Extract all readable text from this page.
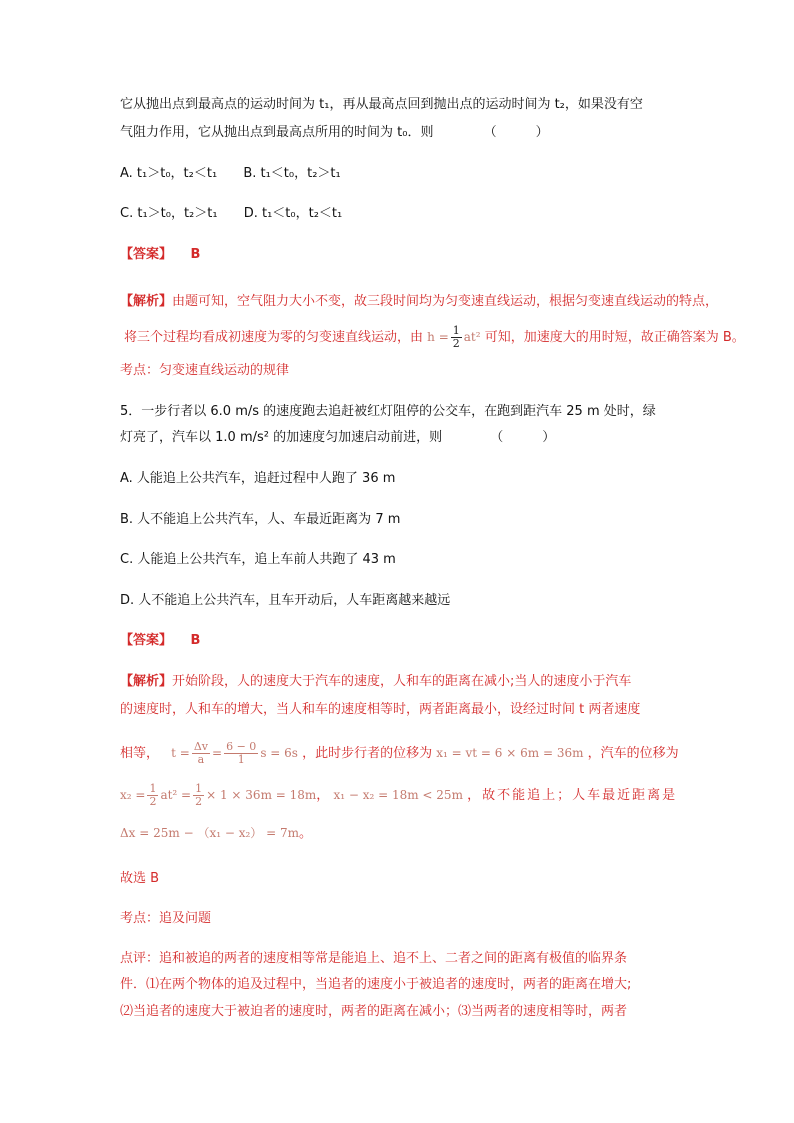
它从抛出点到最高点的运动时间为 t₁，再从最高点回到抛出点的运动时间为 t₂，如果没有空
气阻力作用，它从抛出点到最高点所用的时间为 t₀．则	（　　　）
A. t₁＞t₀，t₂＜t₁ B. t₁＜t₀，t₂＞t₁
C. t₁＞t₀，t₂＞t₁ D. t₁＜t₀，t₂＜t₁
【答案】 B
【解析】由题可知，空气阻力大小不变，故三段时间均为匀变速直线运动，根据匀变速直线运动的特点，
将三个过程均看成初速度为零的匀变速直线运动，由 $h = \frac{1}{2} at^2$ 可知，加速度大的用时短，故正确答案为 B。
考点：匀变速直线运动的规律
5．一步行者以 6.0 m/s 的速度跑去追赶被红灯阻停的公交车，在跑到距汽车 25 m 处时，绿
灯亮了，汽车以 1.0 m/s² 的加速度匀加速启动前进，则	（　　　）
A. 人能追上公共汽车，追赶过程中人跑了 36 m
B. 人不能追上公共汽车，人、车最近距离为 7 m
C. 人能追上公共汽车，追上车前人共跑了 43 m
D. 人不能追上公共汽车，且车开动后，人车距离越来越远
【答案】 B
【解析】开始阶段，人的速度大于汽车的速度，人和车的距离在减小;当人的速度小于汽车
的速度时，人和车的增大，当人和车的速度相等时，两者距离最小，设经过时间 t 两者速度
相等， $t = \frac{\Delta v}{a} = \frac{6 - 0}{1}$ s = 6s ，此时步行者的位移为 x₁ = vt = 6 × 6m = 36m ，汽车的位移为
$x_2 = \frac{1}{2} at^2 = \frac{1}{2} \times 1 \times 36m = 18m$， x₁ − x₂ = 18m < 25m ，故不能追上；人车最近距离是
Δx = 25m − （x₁ − x₂） = 7m。
故选 B
考点：追及问题
点评：追和被追的两者的速度相等常是能追上、追不上、二者之间的距离有极值的临界条
件．⑴在两个物体的追及过程中，当追者的速度小于被追者的速度时，两者的距离在增大;
⑵当追者的速度大于被迫者的速度时，两者的距离在减小；⑶当两者的速度相等时，两者
